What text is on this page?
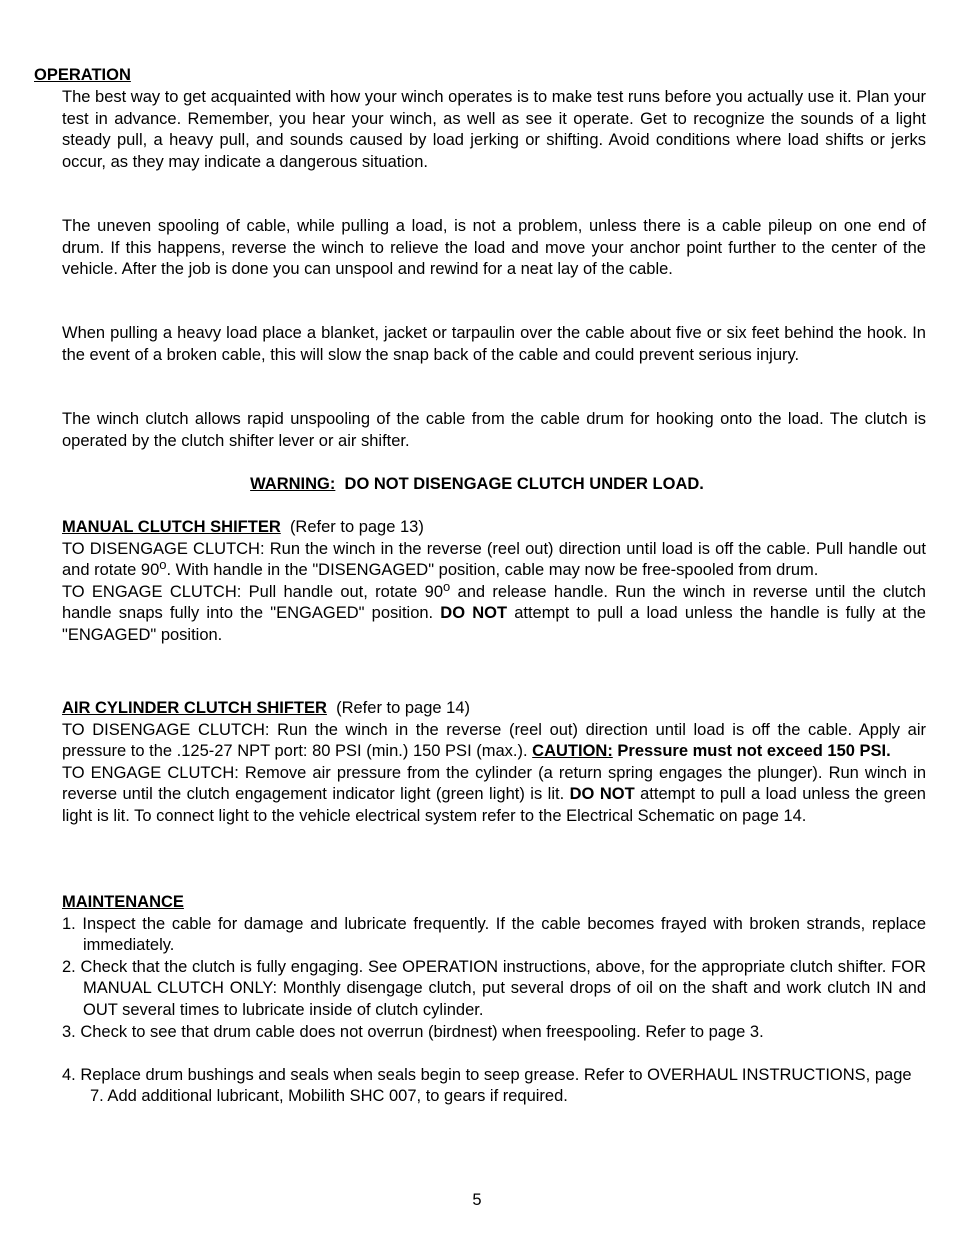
OPERATION

The best way to get acquainted with how your winch operates is to make test runs before you actually use it. Plan your test in advance. Remember, you hear your winch, as well as see it operate. Get to recognize the sounds of a light steady pull, a heavy pull, and sounds caused by load jerking or shifting. Avoid conditions where load shifts or jerks occur, as they may indicate a dangerous situation.

The uneven spooling of cable, while pulling a load, is not a problem, unless there is a cable pileup on one end of drum. If this happens, reverse the winch to relieve the load and move your anchor point further to the center of the vehicle. After the job is done you can unspool and rewind for a neat lay of the cable.

When pulling a heavy load place a blanket, jacket or tarpaulin over the cable about five or six feet behind the hook. In the event of a broken cable, this will slow the snap back of the cable and could prevent serious injury.

The winch clutch allows rapid unspooling of the cable from the cable drum for hooking onto the load. The clutch is operated by the clutch shifter lever or air shifter.

WARNING: DO NOT DISENGAGE CLUTCH UNDER LOAD.
MANUAL CLUTCH SHIFTER (Refer to page 13)

TO DISENGAGE CLUTCH: Run the winch in the reverse (reel out) direction until load is off the cable. Pull handle out and rotate 90$^o$. With handle in the "DISENGAGED" position, cable may now be free-spooled from drum.

TO ENGAGE CLUTCH: Pull handle out, rotate 90$^o$ and release handle. Run the winch in reverse until the clutch handle snaps fully into the "ENGAGED" position. DO NOT attempt to pull a load unless the handle is fully at the "ENGAGED" position.

AIR CYLINDER CLUTCH SHIFTER (Refer to page 14)

TO DISENGAGE CLUTCH: Run the winch in the reverse (reel out) direction until load is off the cable. Apply air pressure to the .125-27 NPT port: 80 PSI (min.) 150 PSI (max.). CAUTION: Pressure must not exceed 150 PSI.

TO ENGAGE CLUTCH: Remove air pressure from the cylinder (a return spring engages the plunger). Run winch in reverse until the clutch engagement indicator light (green light) is lit. DO NOT attempt to pull a load unless the green light is lit. To connect light to the vehicle electrical system refer to the Electrical Schematic on page 14.

MAINTENANCE

1. Inspect the cable for damage and lubricate frequently. If the cable becomes frayed with broken strands, replace immediately.

2. Check that the clutch is fully engaging. See OPERATION instructions, above, for the appropriate clutch shifter. FOR MANUAL CLUTCH ONLY: Monthly disengage clutch, put several drops of oil on the shaft and work clutch IN and OUT several times to lubricate inside of clutch cylinder.

3. Check to see that drum cable does not overrun (birdnest) when freespooling. Refer to page 3.

4. Replace drum bushings and seals when seals begin to seep grease. Refer to OVERHAUL INSTRUCTIONS, page 7. Add additional lubricant, Mobilith SHC 007, to gears if required.

5
